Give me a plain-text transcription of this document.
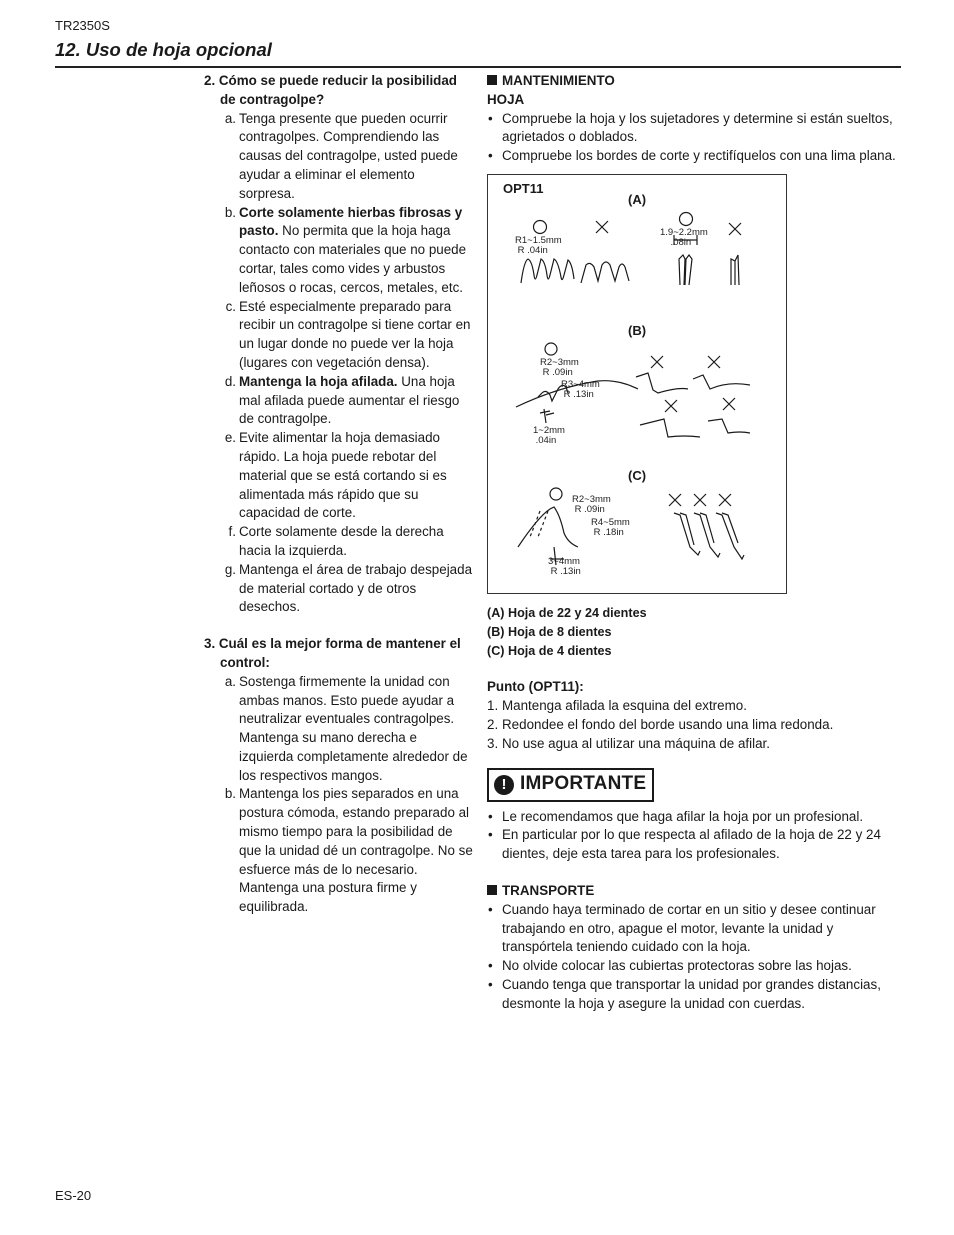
TR2350S
12. Uso de hoja opcional
2. Cómo se puede reducir la posibilidad de contragolpe?
a. Tenga presente que pueden ocurrir contragolpes. Comprendiendo las causas del contragolpe, usted puede ayudar a eliminar el elemento sorpresa.
b. Corte solamente hierbas fibrosas y pasto. No permita que la hoja haga contacto con materiales que no puede cortar, tales como vides y arbustos leñosos o rocas, cercos, metales, etc.
c. Esté especialmente preparado para recibir un contragolpe si tiene cortar en un lugar donde no puede ver la hoja (lugares con vegetación densa).
d. Mantenga la hoja afilada. Una hoja mal afilada puede aumentar el riesgo de contragolpe.
e. Evite alimentar la hoja demasiado rápido. La hoja puede rebotar del material que se está cortando si es alimentada más rápido que su capacidad de corte.
f. Corte solamente desde la derecha hacia la izquierda.
g. Mantenga el área de trabajo despejada de material cortado y de otros desechos.
3. Cuál es la mejor forma de mantener el control:
a. Sostenga firmemente la unidad con ambas manos. Esto puede ayudar a neutralizar eventuales contragolpes. Mantenga su mano derecha e izquierda completamente alrededor de los respectivos mangos.
b. Mantenga los pies separados en una postura cómoda, estando preparado al mismo tiempo para la posibilidad de que la unidad dé un contragolpe. No se esfuerce más de lo necesario. Mantenga una postura firme y equilibrada.
MANTENIMIENTO
HOJA
• Compruebe la hoja y los sujetadores y determine si están sueltos, agrietados o doblados.
• Compruebe los bordes de corte y rectifíquelos con una lima plana.
OPT11
(A)
(B)
(C)
R1~1.5mm
R .04in
1.9~2.2mm
.08in
R2~3mm
R .09in
R3~4mm
R .13in
1~2mm
.04in
R2~3mm
R .09in
R4~5mm
R .18in
3~4mm
R .13in
(A) Hoja de 22 y 24 dientes
(B) Hoja de 8 dientes
(C) Hoja de 4 dientes
Punto (OPT11):
1. Mantenga afilada la esquina del extremo.
2. Redondee el fondo del borde usando una lima redonda.
3. No use agua al utilizar una máquina de afilar.
! IMPORTANTE
• Le recomendamos que haga afilar la hoja por un profesional.
• En particular por lo que respecta al afilado de la hoja de 22 y 24 dientes, deje esta tarea para los profesionales.
TRANSPORTE
• Cuando haya terminado de cortar en un sitio y desee continuar trabajando en otro, apague el motor, levante la unidad y transpórtela teniendo cuidado con la hoja.
• No olvide colocar las cubiertas protectoras sobre las hojas.
• Cuando tenga que transportar la unidad por grandes distancias, desmonte la hoja y asegure la unidad con cuerdas.
ES-20
